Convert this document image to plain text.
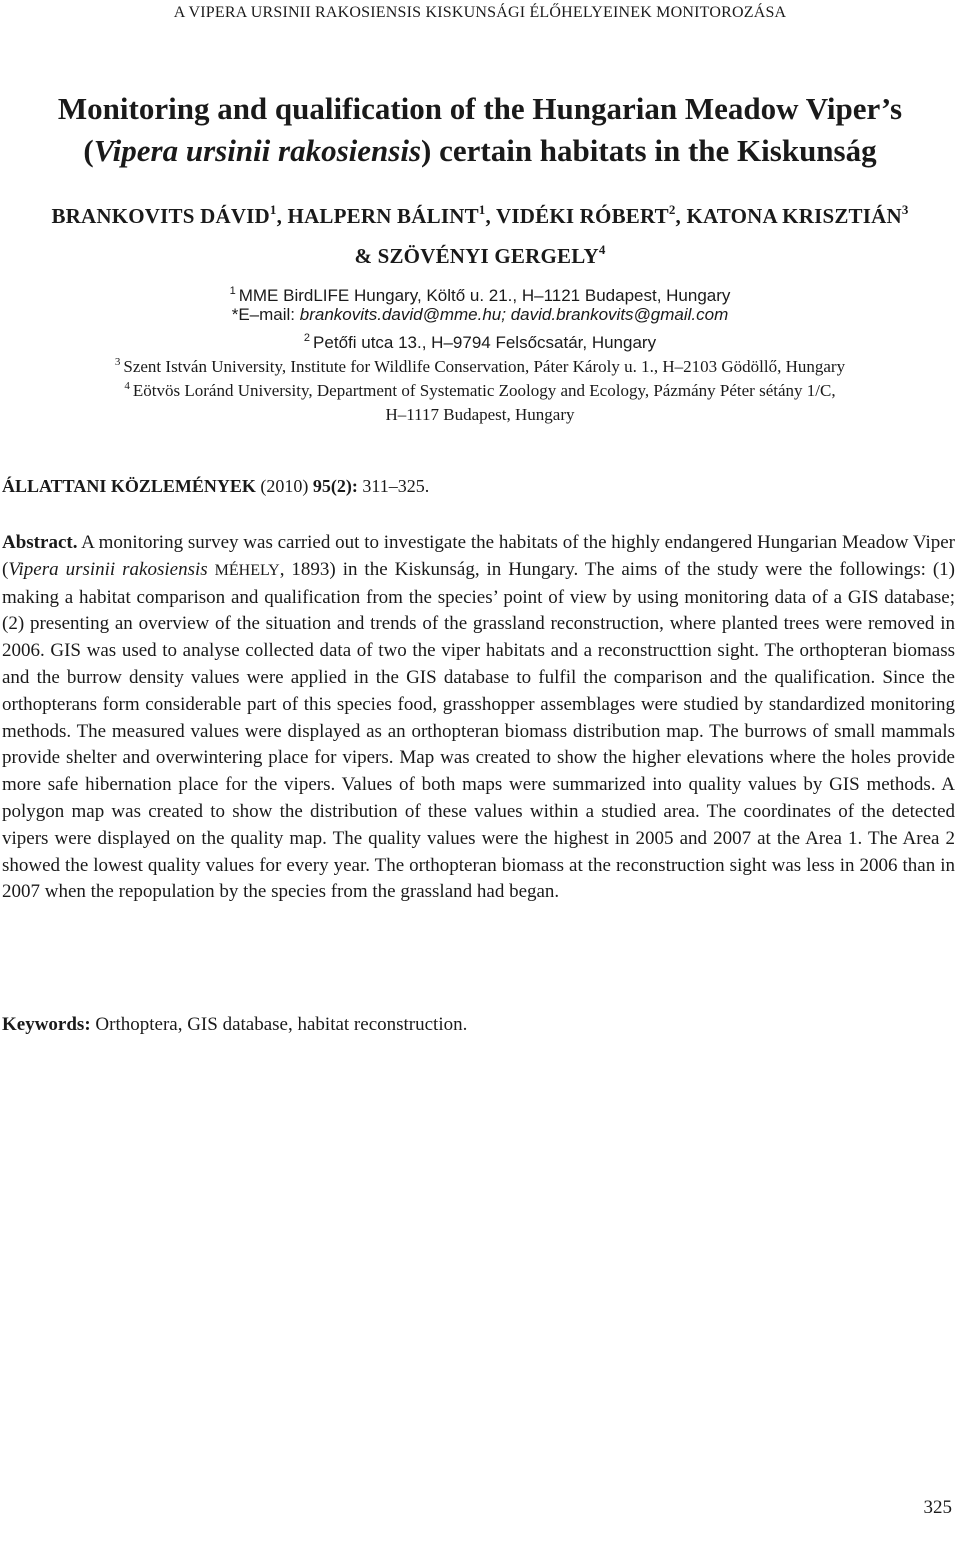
A VIPERA URSINII RAKOSIENSIS KISKUNSÁGI ÉLŐHELYEINEK MONITOROZÁSA
Monitoring and qualification of the Hungarian Meadow Viper’s
(Vipera ursinii rakosiensis) certain habitats in the Kiskunság
BRANKOVITS DÁVID$^1$, HALPERN BÁLINT$^1$, VIDÉKI RÓBERT$^2$, KATONA KRISZTIÁN$^3$
& SZÖVÉNYI GERGELY$^4$
$^1$ MME BirdLIFE Hungary, Költő u. 21., H–1121 Budapest, Hungary
*E–mail: brankovits.david@mme.hu; david.brankovits@gmail.com
$^2$ Petőfi utca 13., H–9794 Felsőcsatár, Hungary
$^3$ Szent István University, Institute for Wildlife Conservation, Páter Károly u. 1., H–2103 Gödöllő, Hungary
$^4$ Eötvös Loránd University, Department of Systematic Zoology and Ecology, Pázmány Péter sétány 1/C,
H–1117 Budapest, Hungary
ÁLLATTANI KÖZLEMÉNYEK (2010) 95(2): 311–325.

Abstract. A monitoring survey was carried out to investigate the habitats of the highly endangered Hungarian Meadow Viper (Vipera ursinii rakosiensis MÉHELY, 1893) in the Kiskunság, in Hungary. The aims of the study were the followings: (1) making a habitat comparison and qualification from the species’ point of view by using monitoring data of a GIS database; (2) presenting an overview of the situation and trends of the grassland reconstruction, where planted trees were removed in 2006. GIS was used to analyse collected data of two the viper habitats and a reconstructtion sight. The orthopteran biomass and the burrow density values were applied in the GIS database to fulfil the comparison and the qualification. Since the orthopterans form considerable part of this species food, grasshopper assemblages were studied by standardized monitoring methods. The measured values were displayed as an orthopteran biomass distribution map. The burrows of small mammals provide shelter and overwintering place for vipers. Map was created to show the higher elevations where the holes provide more safe hibernation place for the vipers. Values of both maps were summarized into quality values by GIS methods. A polygon map was created to show the distribution of these values within a studied area. The coordinates of the detected vipers were displayed on the quality map. The quality values were the highest in 2005 and 2007 at the Area 1. The Area 2 showed the lowest quality values for every year. The orthopteran biomass at the reconstruction sight was less in 2006 than in 2007 when the repopulation by the species from the grassland had began.

Keywords: Orthoptera, GIS database, habitat reconstruction.

325
